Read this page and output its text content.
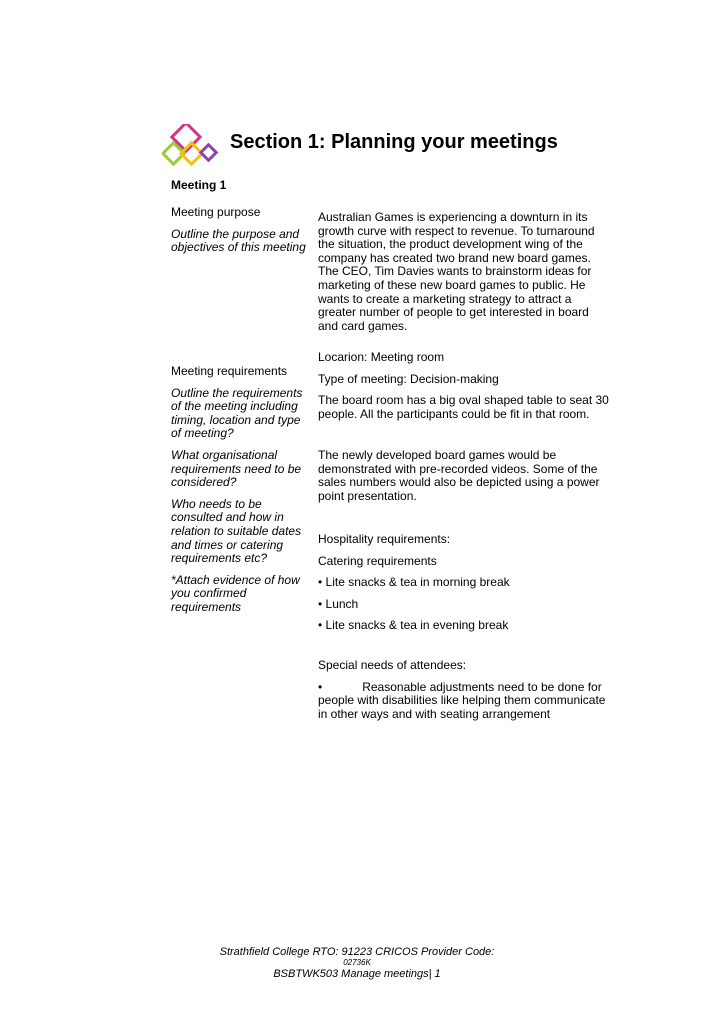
Section 1: Planning your meetings

Meeting 1

Meeting purpose

Outline the purpose and objectives of this meeting

Meeting requirements

Outline the requirements of the meeting including timing, location and type of meeting?

What organisational requirements need to be considered?

Who needs to be consulted and how in relation to suitable dates and times or catering requirements etc?

*Attach evidence of how you confirmed requirements

Australian Games is experiencing a downturn in its growth curve with respect to revenue. To turnaround the situation, the product development wing of the company has created two brand new board games. The CEO, Tim Davies wants to brainstorm ideas for marketing of these new board games to public. He wants to create a marketing strategy to attract a greater number of people to get interested in board and card games.

Locarion: Meeting room

Type of meeting: Decision-making

The board room has a big oval shaped table to seat 30 people. All the participants could be fit in that room.

The newly developed board games would be demonstrated with pre-recorded videos. Some of the sales numbers would also be depicted using a power point presentation.

Hospitality requirements:

Catering requirements

• Lite snacks & tea in morning break

• Lunch

• Lite snacks & tea in evening break

Special needs of attendees:

•	Reasonable adjustments need to be done for people with disabilities like helping them communicate in other ways and with seating arrangement

Strathfield College RTO: 91223 CRICOS Provider Code:
02736K
BSBTWK503 Manage meetings| 1
